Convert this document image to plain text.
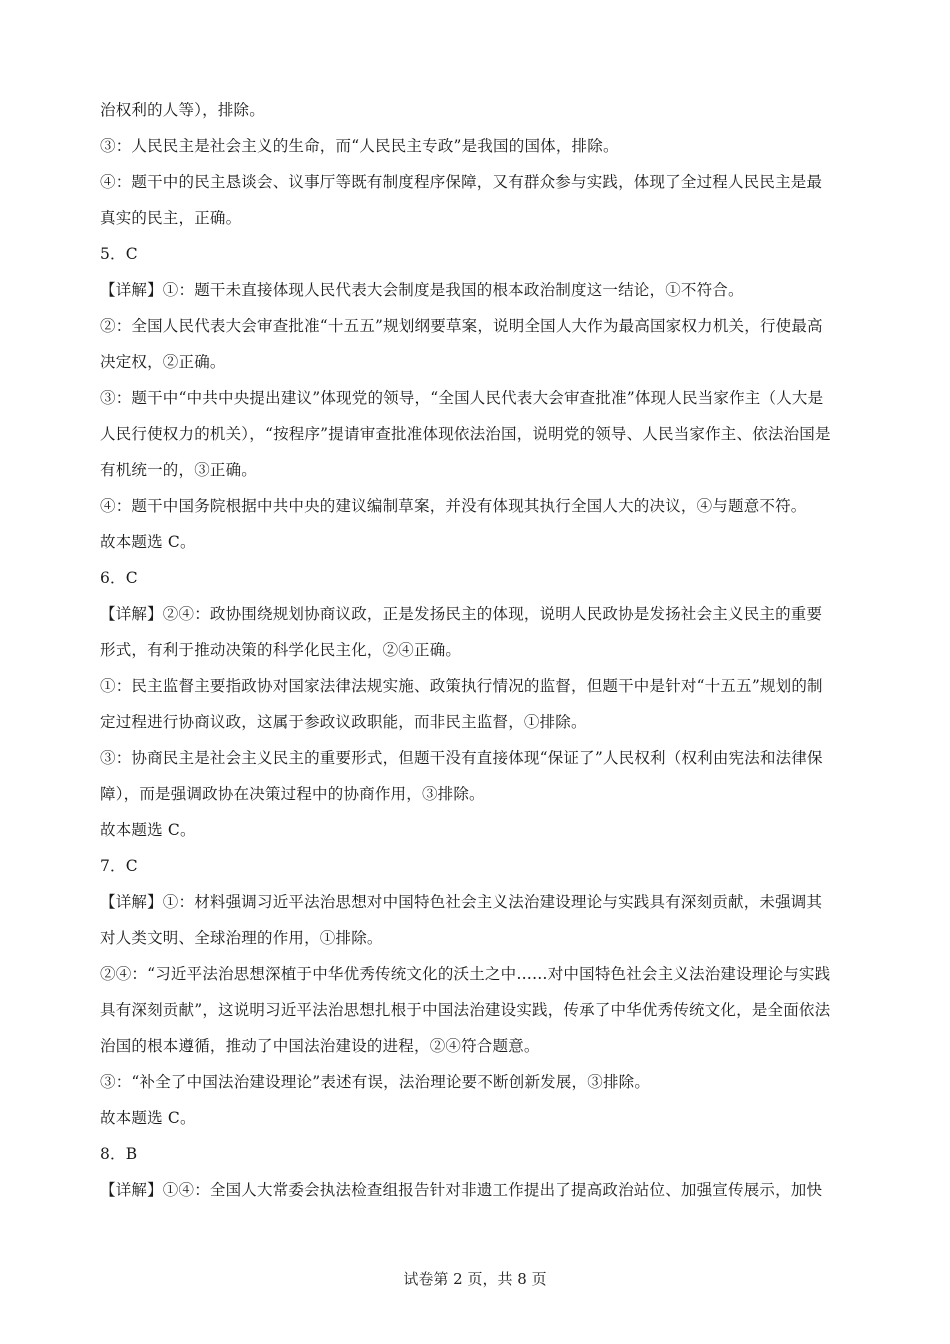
治权利的人等），排除。
③：人民民主是社会主义的生命，而“人民民主专政”是我国的国体，排除。
④：题干中的民主恳谈会、议事厅等既有制度程序保障，又有群众参与实践，体现了全过程人民民主是最
真实的民主，正确。
5．C
【详解】①：题干未直接体现人民代表大会制度是我国的根本政治制度这一结论，①不符合。
②：全国人民代表大会审查批准“十五五”规划纲要草案，说明全国人大作为最高国家权力机关，行使最高
决定权，②正确。
③：题干中“中共中央提出建议”体现党的领导，“全国人民代表大会审查批准”体现人民当家作主（人大是
人民行使权力的机关），“按程序”提请审查批准体现依法治国，说明党的领导、人民当家作主、依法治国是
有机统一的，③正确。
④：题干中国务院根据中共中央的建议编制草案，并没有体现其执行全国人大的决议，④与题意不符。
故本题选 C。
6．C
【详解】②④：政协围绕规划协商议政，正是发扬民主的体现，说明人民政协是发扬社会主义民主的重要
形式，有利于推动决策的科学化民主化，②④正确。
①：民主监督主要指政协对国家法律法规实施、政策执行情况的监督，但题干中是针对“十五五”规划的制
定过程进行协商议政，这属于参政议政职能，而非民主监督，①排除。
③：协商民主是社会主义民主的重要形式，但题干没有直接体现“保证了”人民权利（权利由宪法和法律保
障），而是强调政协在决策过程中的协商作用，③排除。
故本题选 C。
7．C
【详解】①：材料强调习近平法治思想对中国特色社会主义法治建设理论与实践具有深刻贡献，未强调其
对人类文明、全球治理的作用，①排除。
②④：“习近平法治思想深植于中华优秀传统文化的沃土之中……对中国特色社会主义法治建设理论与实践
具有深刻贡献”，这说明习近平法治思想扎根于中国法治建设实践，传承了中华优秀传统文化，是全面依法
治国的根本遵循，推动了中国法治建设的进程，②④符合题意。
③：“补全了中国法治建设理论”表述有误，法治理论要不断创新发展，③排除。
故本题选 C。
8．B
【详解】①④：全国人大常委会执法检查组报告针对非遗工作提出了提高政治站位、加强宣传展示，加快
试卷第 2 页，共 8 页
